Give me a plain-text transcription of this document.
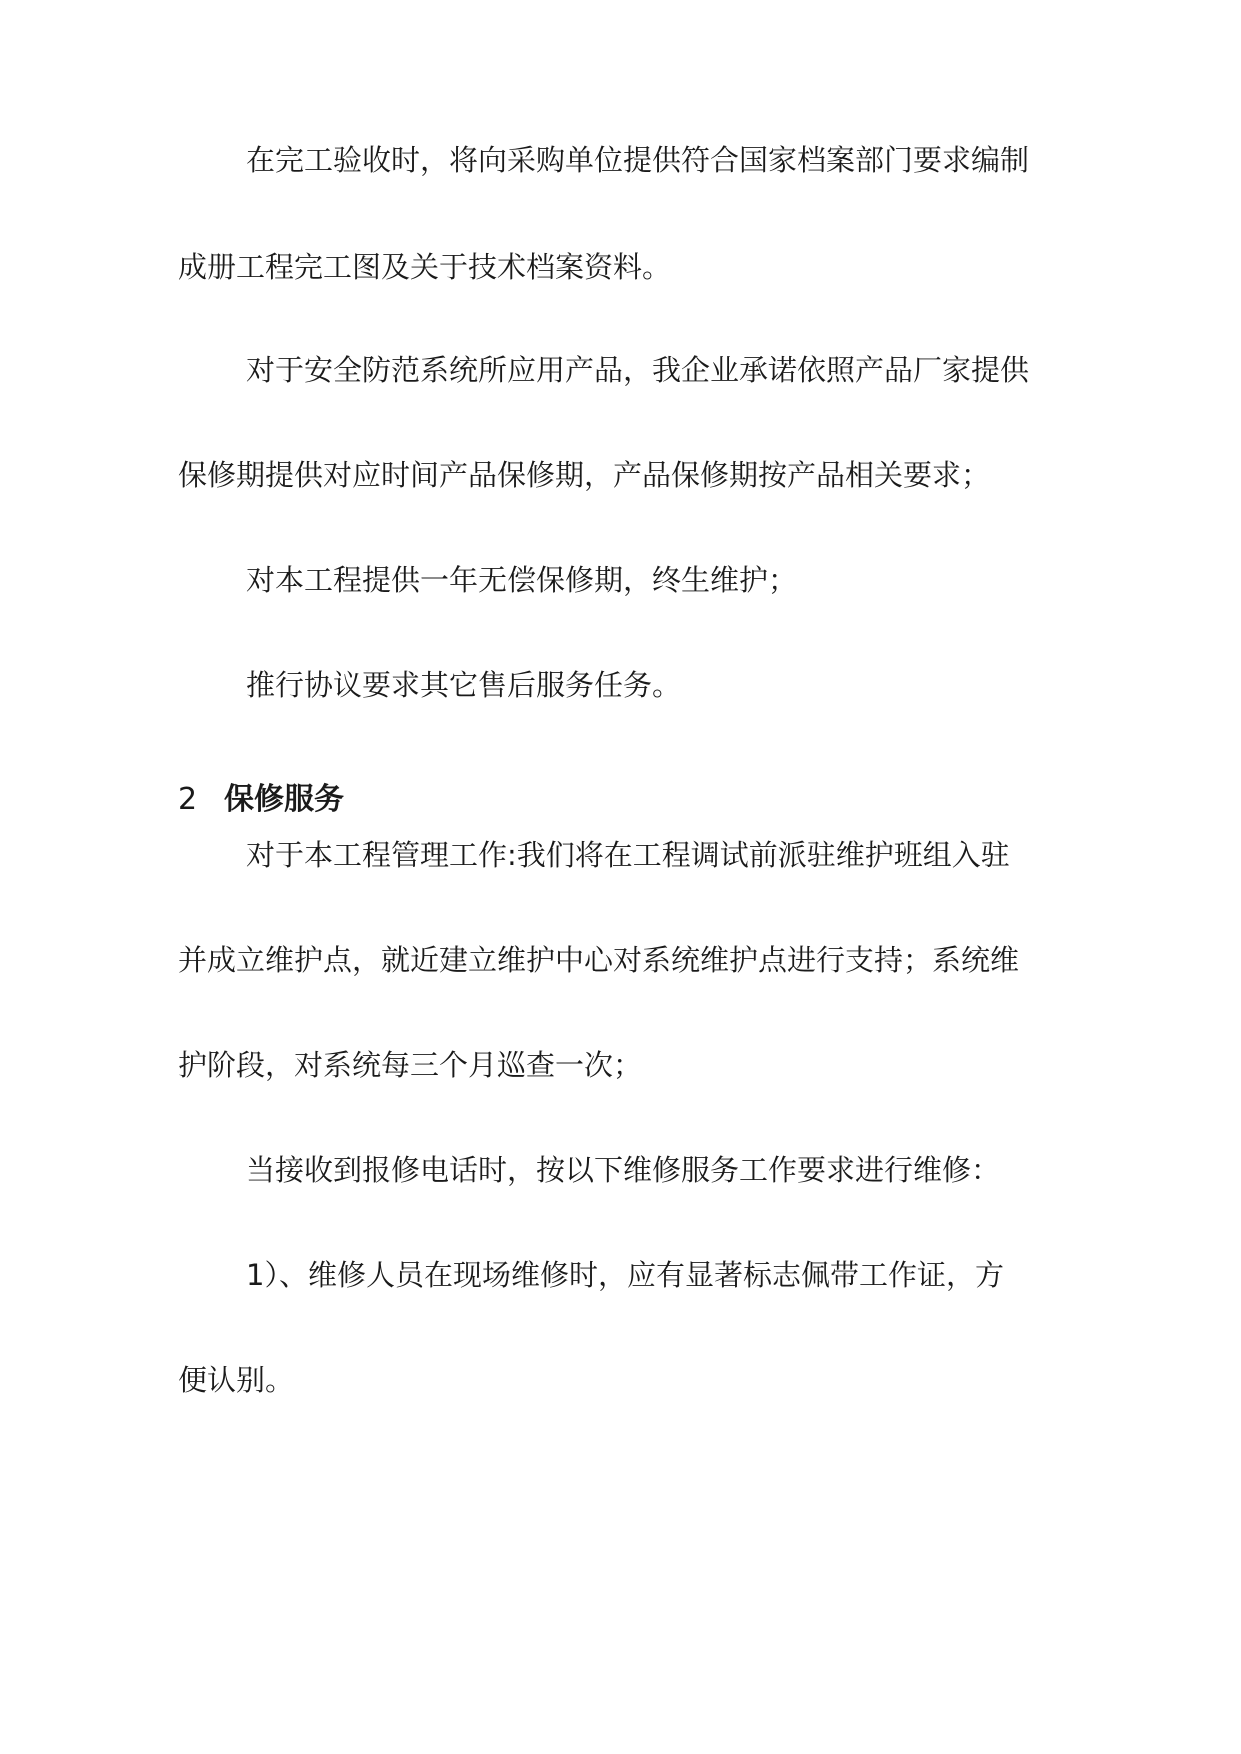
在完工验收时，将向采购单位提供符合国家档案部门要求编制
成册工程完工图及关于技术档案资料。
对于安全防范系统所应用产品，我企业承诺依照产品厂家提供
保修期提供对应时间产品保修期，产品保修期按产品相关要求；
对本工程提供一年无偿保修期，终生维护；
推行协议要求其它售后服务任务。
2 保修服务
对于本工程管理工作:我们将在工程调试前派驻维护班组入驻
并成立维护点，就近建立维护中心对系统维护点进行支持；系统维
护阶段，对系统每三个月巡查一次；
当接收到报修电话时，按以下维修服务工作要求进行维修：
1）、维修人员在现场维修时，应有显著标志佩带工作证，方
便认别。
